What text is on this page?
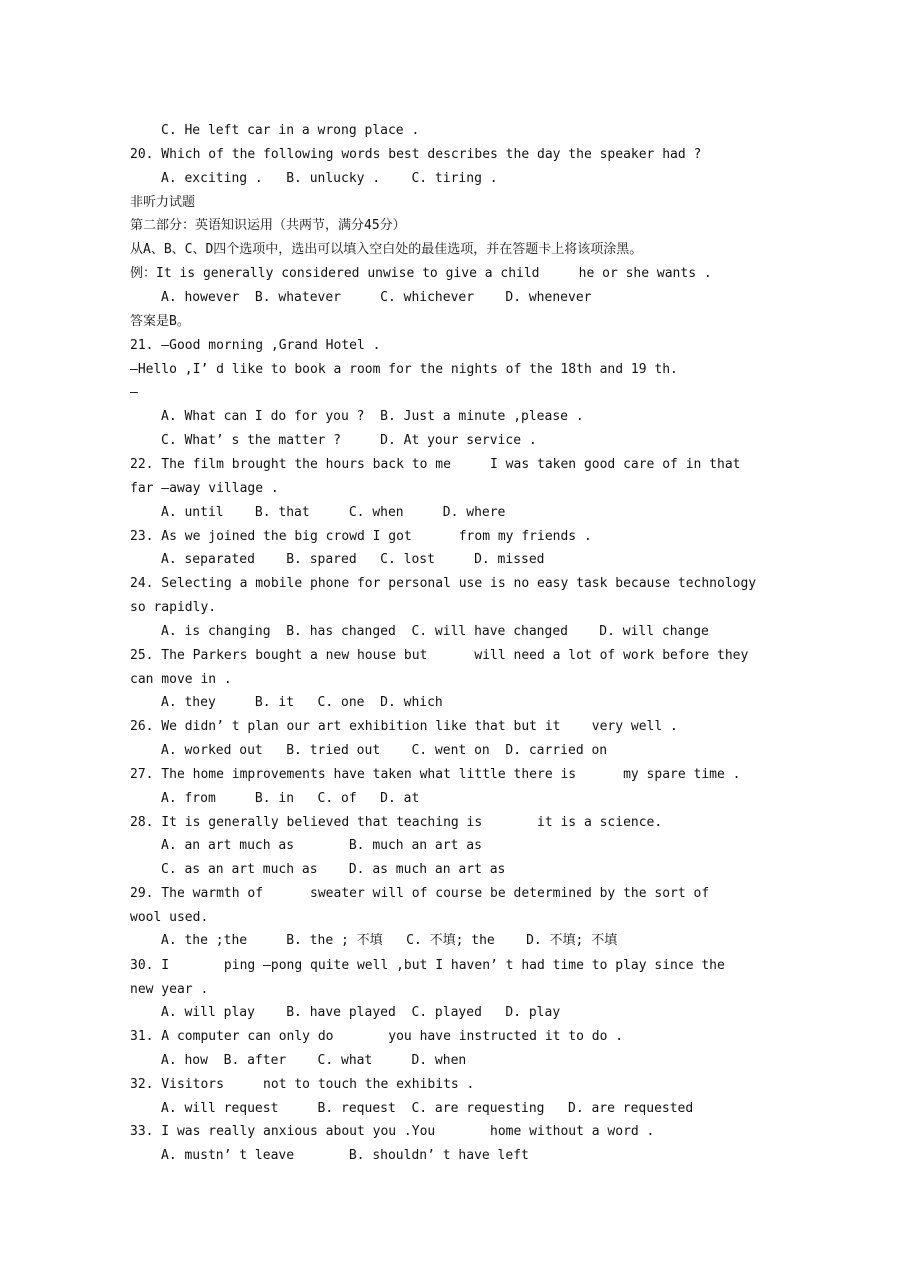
C. He left car in a wrong place .
20. Which of the following words best describes the day the speaker had ?
A. exciting .   B. unlucky .    C. tiring .
非听力试题
第二部分：英语知识运用（共两节，满分45分）
从A、B、C、D四个选项中，选出可以填入空白处的最佳选项，并在答题卡上将该项涂黑。
例：It is generally considered unwise to give a child     he or she wants .
A. however  B. whatever     C. whichever    D. whenever
答案是B。
21. —Good morning ,Grand Hotel .
—Hello ,I’ d like to book a room for the nights of the 18th and 19 th.
—
A. What can I do for you ?  B. Just a minute ,please .
C. What’ s the matter ?     D. At your service .
22. The film brought the hours back to me     I was taken good care of in that
far –away village .
A. until    B. that     C. when     D. where
23. As we joined the big crowd I got      from my friends .
A. separated    B. spared   C. lost     D. missed
24. Selecting a mobile phone for personal use is no easy task because technology
so rapidly.
A. is changing  B. has changed  C. will have changed    D. will change
25. The Parkers bought a new house but      will need a lot of work before they
can move in .
A. they     B. it   C. one  D. which
26. We didn’ t plan our art exhibition like that but it    very well .
A. worked out   B. tried out    C. went on  D. carried on
27. The home improvements have taken what little there is      my spare time .
A. from     B. in   C. of   D. at
28. It is generally believed that teaching is       it is a science.
A. an art much as       B. much an art as
C. as an art much as    D. as much an art as
29. The warmth of      sweater will of course be determined by the sort of
wool used.
A. the ;the     B. the ; 不填   C. 不填; the    D. 不填; 不填
30. I       ping —pong quite well ,but I haven’ t had time to play since the
new year .
A. will play    B. have played  C. played   D. play
31. A computer can only do       you have instructed it to do .
A. how  B. after    C. what     D. when
32. Visitors     not to touch the exhibits .
A. will request     B. request  C. are requesting   D. are requested
33. I was really anxious about you .You       home without a word .
A. mustn’ t leave       B. shouldn’ t have left
